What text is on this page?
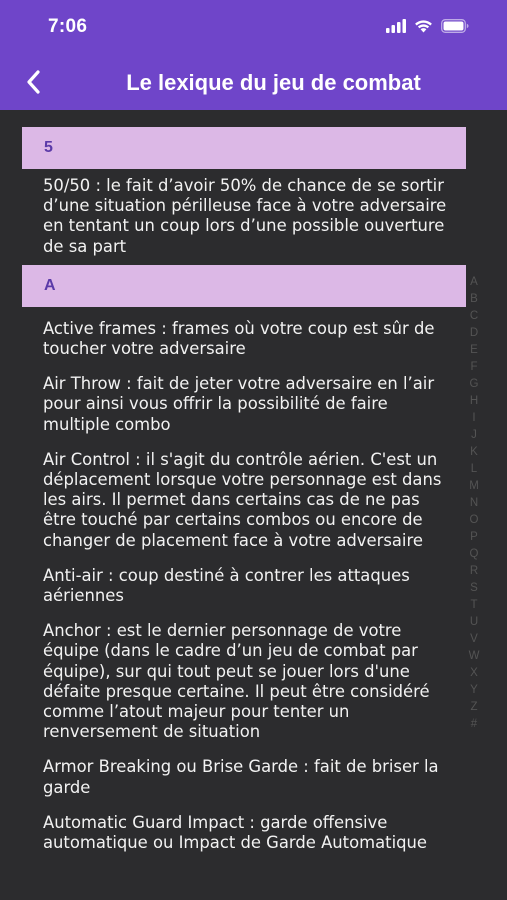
7:06
Le lexique du jeu de combat
5
50/50 : le fait d’avoir 50% de chance de se sortir d’une situation périlleuse face à votre adversaire en tentant un coup lors d’une possible ouverture de sa part
A
Active frames : frames où votre coup est sûr de toucher votre adversaire
Air Throw : fait de jeter votre adversaire en l’air pour ainsi vous offrir la possibilité de faire multiple combo
Air Control : il s'agit du contrôle aérien. C'est un déplacement lorsque votre personnage est dans les airs. Il permet dans certains cas de ne pas être touché par certains combos ou encore de changer de placement face à votre adversaire
Anti-air : coup destiné à contrer les attaques aériennes
Anchor : est le dernier personnage de votre équipe (dans le cadre d’un jeu de combat par équipe), sur qui tout peut se jouer lors d'une défaite presque certaine. Il peut être considéré comme l’atout majeur pour tenter un renversement de situation
Armor Breaking ou Brise Garde : fait de briser la garde
Automatic Guard Impact : garde offensive automatique ou Impact de Garde Automatique
A
B
C
D
E
F
G
H
I
J
K
L
M
N
O
P
Q
R
S
T
U
V
W
X
Y
Z
#
